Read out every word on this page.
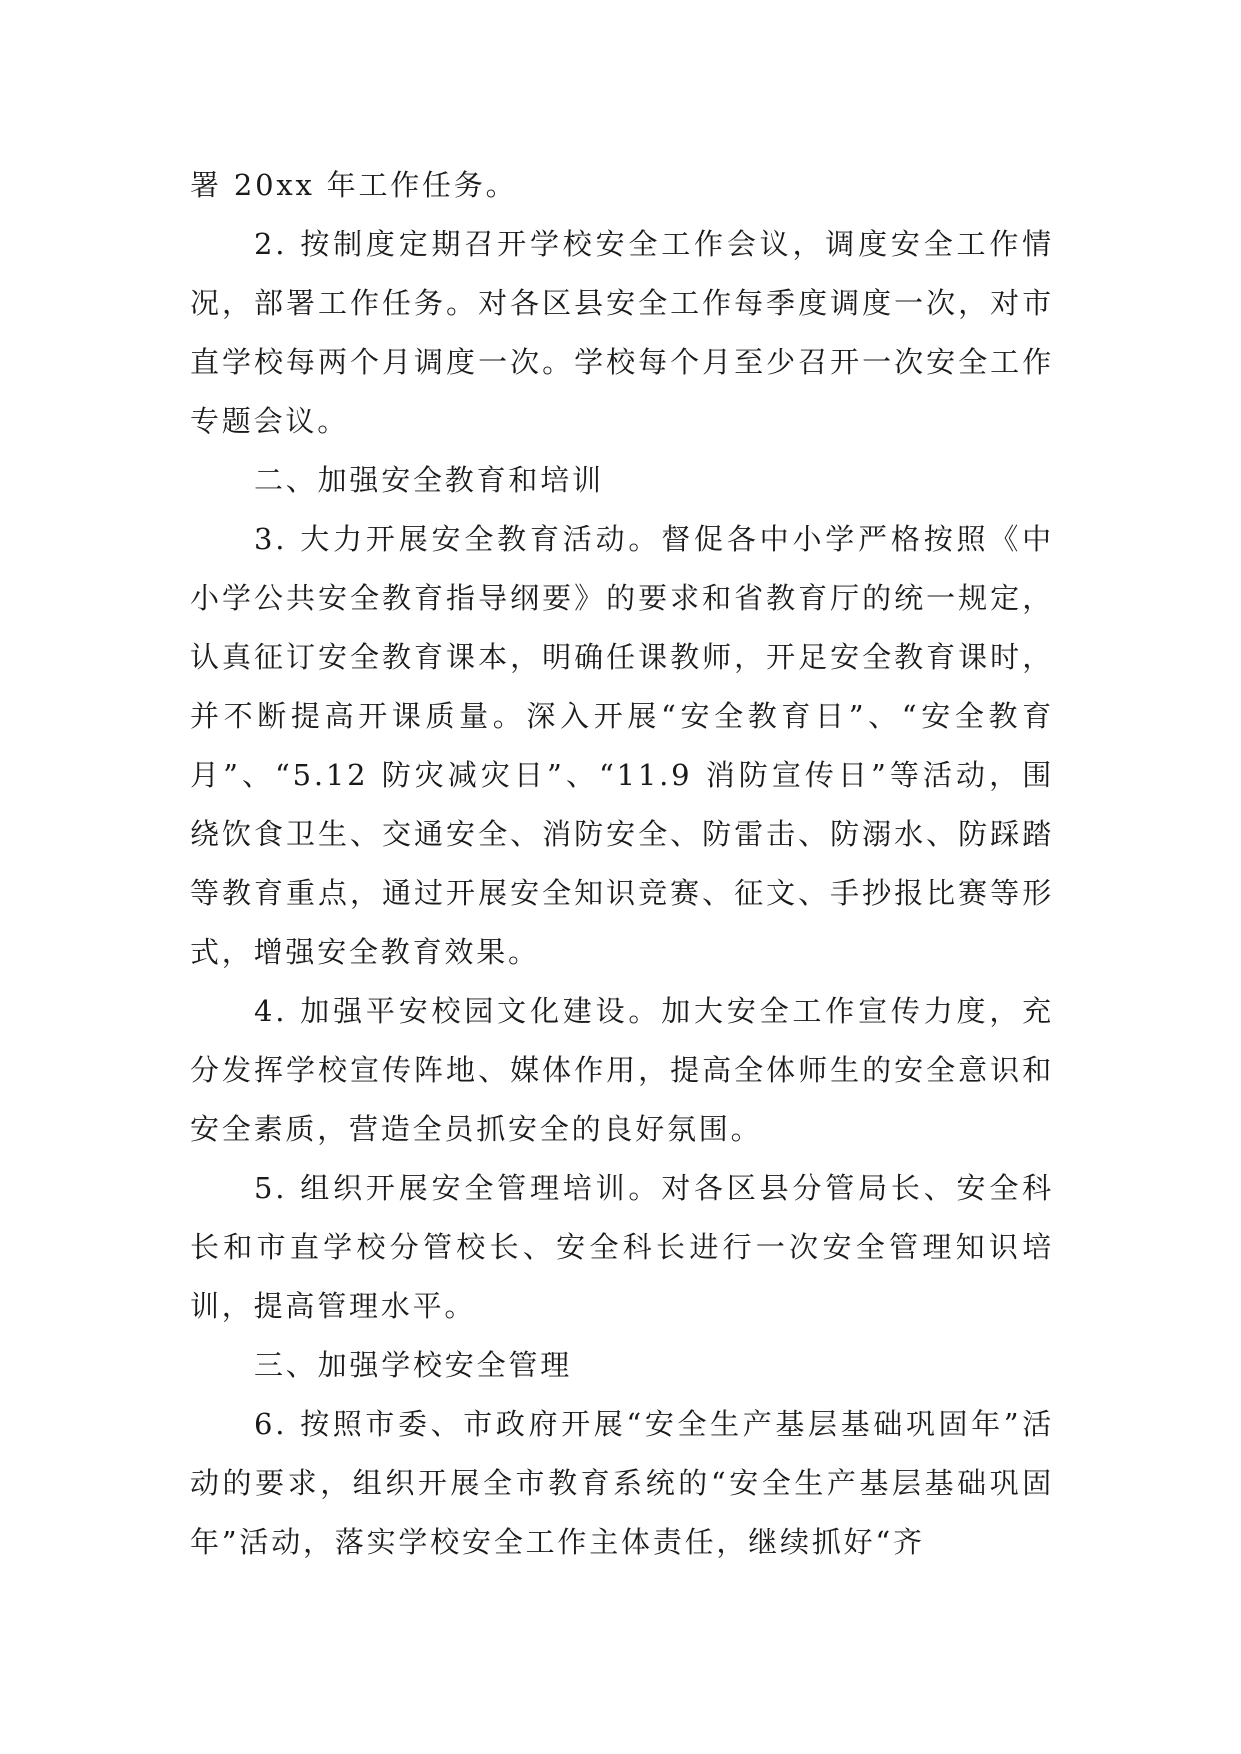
署 20xx 年工作任务。

2. 按制度定期召开学校安全工作会议，调度安全工作情况，部署工作任务。对各区县安全工作每季度调度一次，对市直学校每两个月调度一次。学校每个月至少召开一次安全工作专题会议。

二、加强安全教育和培训

3. 大力开展安全教育活动。督促各中小学严格按照《中小学公共安全教育指导纲要》的要求和省教育厅的统一规定，认真征订安全教育课本，明确任课教师，开足安全教育课时，并不断提高开课质量。深入开展“安全教育日”、“安全教育月”、“5.12 防灾减灾日”、“11.9 消防宣传日”等活动，围绕饮食卫生、交通安全、消防安全、防雷击、防溺水、防踩踏等教育重点，通过开展安全知识竞赛、征文、手抄报比赛等形式，增强安全教育效果。

4. 加强平安校园文化建设。加大安全工作宣传力度，充分发挥学校宣传阵地、媒体作用，提高全体师生的安全意识和安全素质，营造全员抓安全的良好氛围。

5. 组织开展安全管理培训。对各区县分管局长、安全科长和市直学校分管校长、安全科长进行一次安全管理知识培训，提高管理水平。

三、加强学校安全管理

6. 按照市委、市政府开展“安全生产基层基础巩固年”活动的要求，组织开展全市教育系统的“安全生产基层基础巩固年”活动，落实学校安全工作主体责任，继续抓好“齐
